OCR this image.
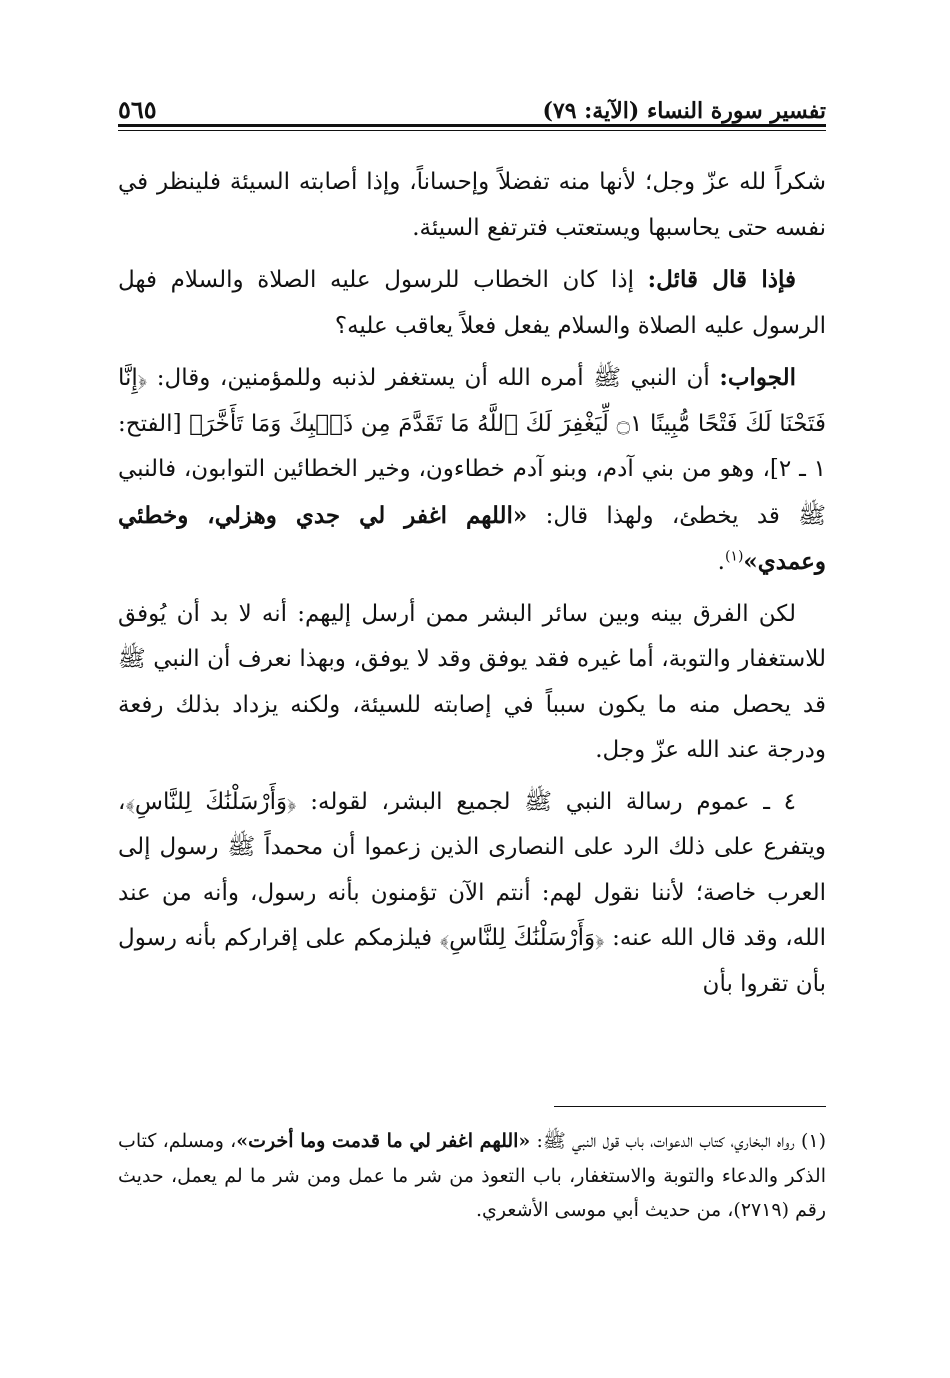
تفسير سورة النساء (الآية: ٧٩)
٥٦٥

شكراً لله عزّ وجل؛ لأنها منه تفضلاً وإحساناً، وإذا أصابته السيئة فلينظر في نفسه حتى يحاسبها ويستعتب فترتفع السيئة.

فإذا قال قائل: إذا كان الخطاب للرسول عليه الصلاة والسلام فهل الرسول عليه الصلاة والسلام يفعل فعلاً يعاقب عليه؟

الجواب: أن النبي ﷺ أمره الله أن يستغفر لذنبه وللمؤمنين، وقال: ﴿إِنَّا فَتَحْنَا لَكَ فَتْحًا مُّبِينًا ۝١ لِّيَغْفِرَ لَكَ ٱللَّهُ مَا تَقَدَّمَ مِن ذَنۢبِكَ وَمَا تَأَخَّرَ﴾ [الفتح: ١ ـ ٢]، وهو من بني آدم، وبنو آدم خطاءون، وخير الخطائين التوابون، فالنبي ﷺ قد يخطئ، ولهذا قال: «اللهم اغفر لي جدي وهزلي، وخطئي وعمدي»$^{(١)}$.

لكن الفرق بينه وبين سائر البشر ممن أرسل إليهم: أنه لا بد أن يُوفق للاستغفار والتوبة، أما غيره فقد يوفق وقد لا يوفق، وبهذا نعرف أن النبي ﷺ قد يحصل منه ما يكون سبباً في إصابته للسيئة، ولكنه يزداد بذلك رفعة ودرجة عند الله عزّ وجل.

٤ ـ عموم رسالة النبي ﷺ لجميع البشر، لقوله: ﴿وَأَرْسَلْنَٰكَ لِلنَّاسِ﴾، ويتفرع على ذلك الرد على النصارى الذين زعموا أن محمداً ﷺ رسول إلى العرب خاصة؛ لأننا نقول لهم: أنتم الآن تؤمنون بأنه رسول، وأنه من عند الله، وقد قال الله عنه: ﴿وَأَرْسَلْنَٰكَ لِلنَّاسِ﴾ فيلزمكم على إقراركم بأنه رسول بأن تقروا بأن

(١) رواه البخاري، كتاب الدعوات، باب قول النبي ﷺ: «اللهم اغفر لي ما قدمت وما أخرت»، ومسلم، كتاب الذكر والدعاء والتوبة والاستغفار، باب التعوذ من شر ما عمل ومن شر ما لم يعمل، حديث رقم (٢٧١٩)، من حديث أبي موسى الأشعري.
